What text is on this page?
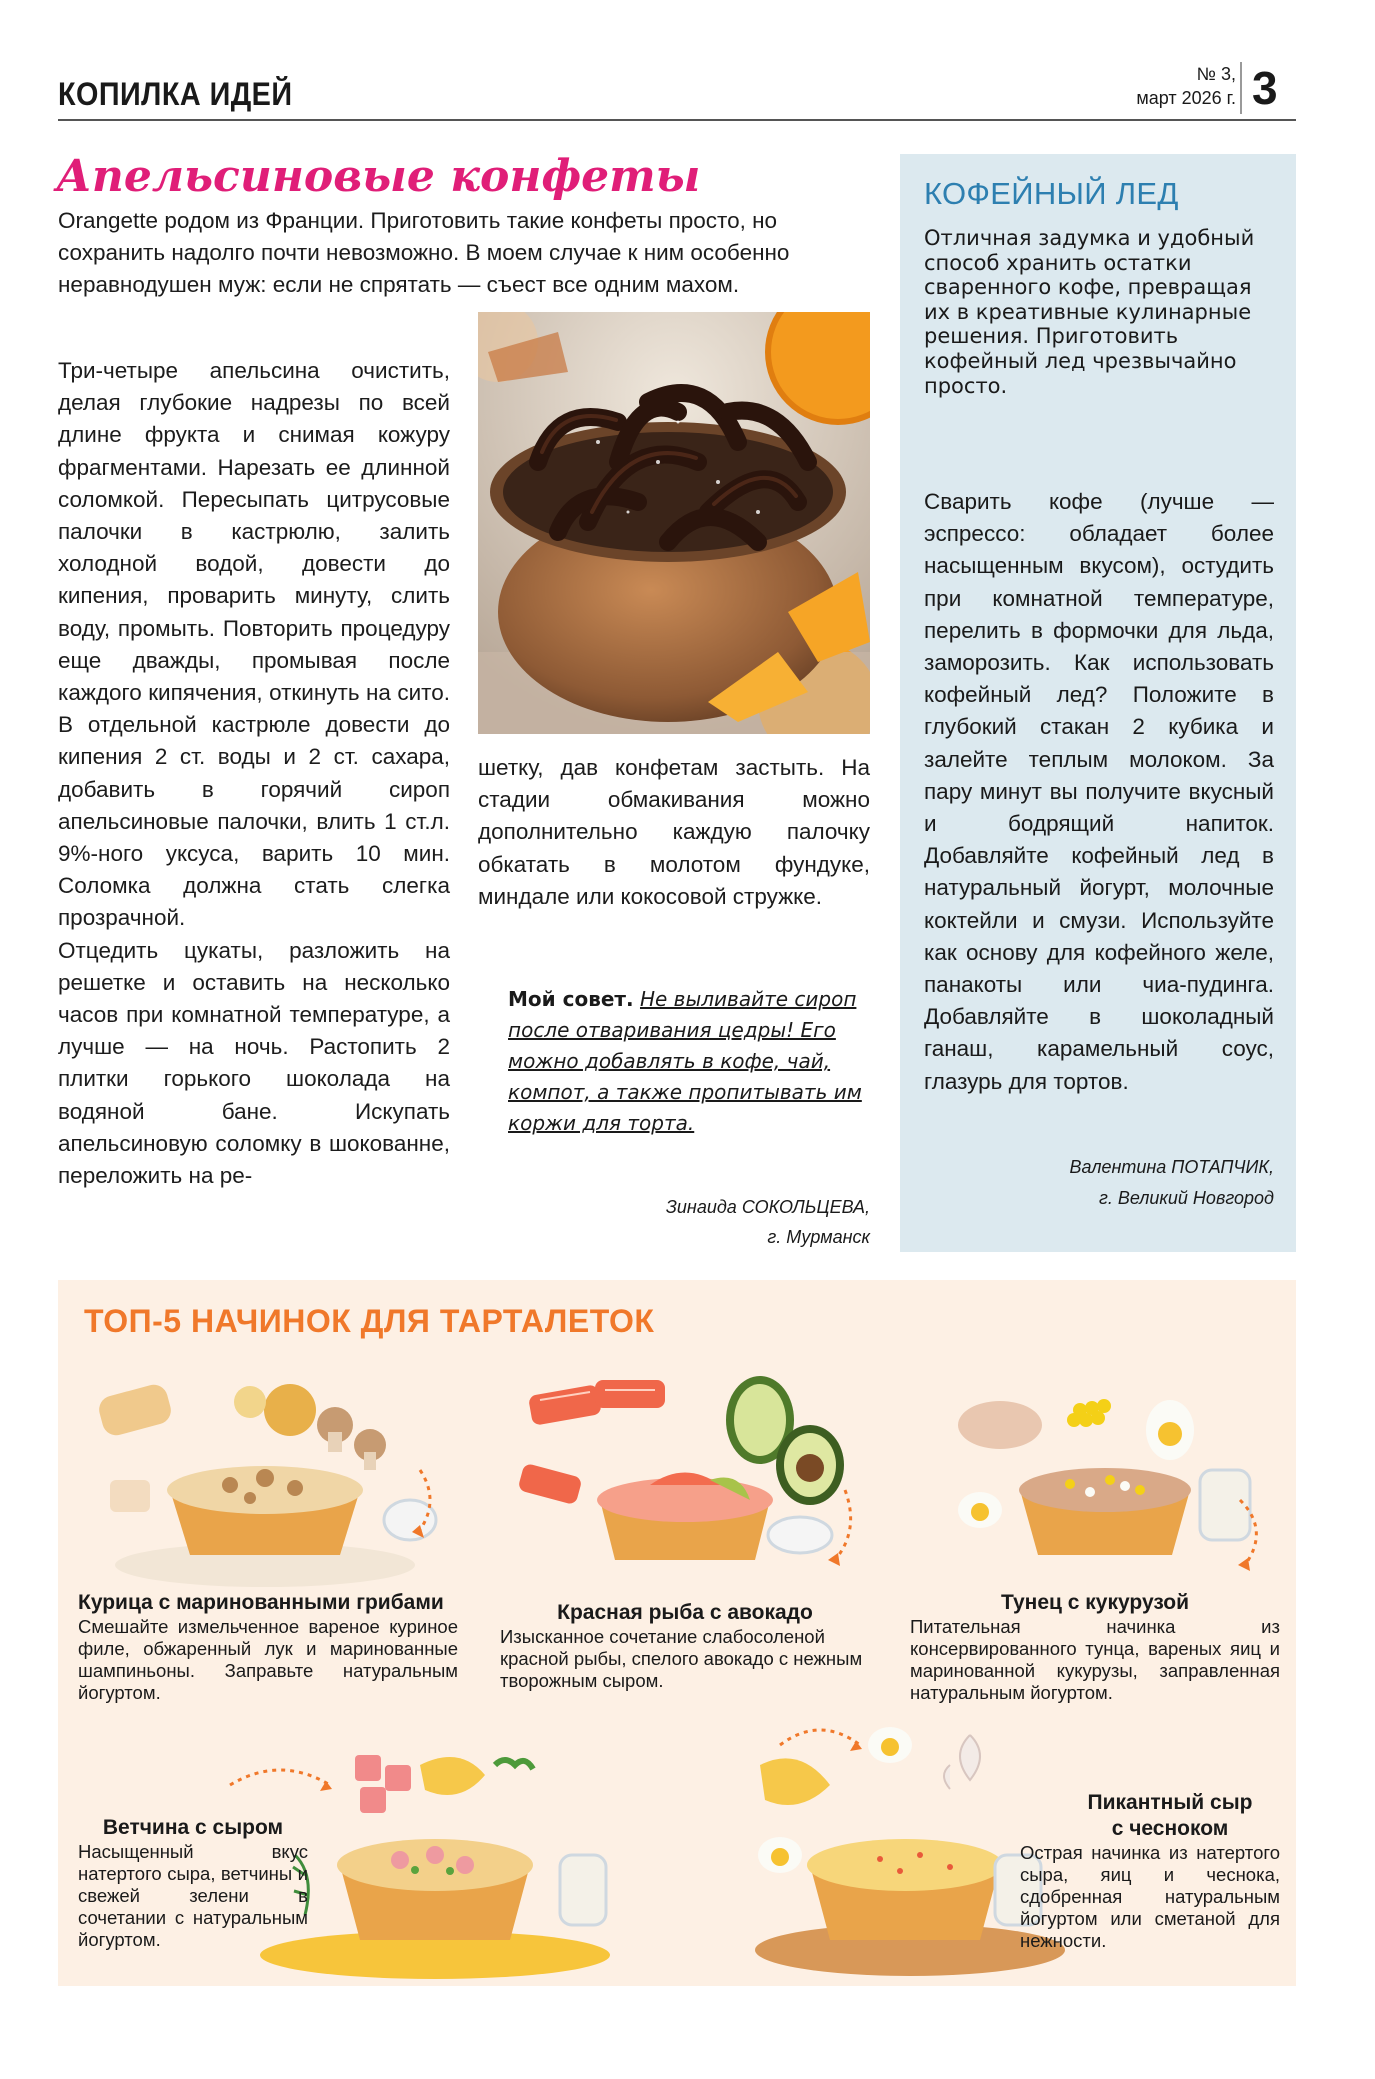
КОПИЛКА ИДЕЙ
№ 3,
март 2026 г. 3
Апельсиновые конфеты

Orangette родом из Франции. Приготовить такие конфеты просто, но сохранить надолго почти невозможно. В моем случае к ним особенно неравнодушен муж: если не спрятать — съест все одним махом.

Три-четыре апельсина очистить, делая глубокие надрезы по всей длине фрукта и снимая кожуру фрагментами. Нарезать ее длинной соломкой. Пересыпать цитрусовые палочки в кастрюлю, залить холодной водой, довести до кипения, проварить минуту, слить воду, промыть. Повторить процедуру еще дважды, промывая после каждого кипячения, откинуть на сито. В отдельной кастрюле довести до кипения 2 ст. воды и 2 ст. сахара, добавить в горячий сироп апельсиновые палочки, влить 1 ст.л. 9%-ного уксуса, варить 10 мин. Соломка должна стать слегка прозрачной.

Отцедить цукаты, разложить на решетке и оставить на несколько часов при комнатной температуре, а лучше — на ночь. Растопить 2 плитки горького шоколада на водяной бане. Искупать апельсиновую соломку в шокованне, переложить на ре-

шетку, дав конфетам застыть. На стадии обмакивания можно дополнительно каждую палочку обкатать в молотом фундуке, миндале или кокосовой стружке.

Мой совет. Не выливайте сироп после отваривания цедры! Его можно добавлять в кофе, чай, компот, а также пропитывать им коржи для торта.
Зинаида СОКОЛЬЦЕВА,
г. Мурманск
КОФЕЙНЫЙ ЛЕД

Отличная задумка и удобный способ хранить остатки сваренного кофе, превращая их в креативные кулинарные решения. Приготовить кофейный лед чрезвычайно просто.

Сварить кофе (лучше — эспрессо: обладает более насыщенным вкусом), остудить при комнатной температуре, перелить в формочки для льда, заморозить. Как использовать кофейный лед? Положите в глубокий стакан 2 кубика и залейте теплым молоком. За пару минут вы получите вкусный и бодрящий напиток. Добавляйте кофейный лед в натуральный йогурт, молочные коктейли и смузи. Используйте как основу для кофейного желе, панакоты или чиа-пудинга. Добавляйте в шоколадный ганаш, карамельный соус, глазурь для тортов.

Валентина ПОТАПЧИК,
г. Великий Новгород
ТОП-5 НАЧИНОК ДЛЯ ТАРТАЛЕТОК
Курица с маринованными грибами
Смешайте измельченное вареное куриное филе, обжаренный лук и маринованные шампиньоны. Заправьте натуральным йогуртом.
Красная рыба с авокадо
Изысканное сочетание слабосоленой красной рыбы, спелого авокадо с нежным творожным сыром.
Тунец с кукурузой
Питательная начинка из консервированного тунца, вареных яиц и маринованной кукурузы, заправленная натуральным йогуртом.
Ветчина с сыром
Насыщенный вкус натертого сыра, ветчины и свежей зелени в сочетании с натуральным йогуртом.
Пикантный сыр
с чесноком
Острая начинка из натертого сыра, яиц и чеснока, сдобренная натуральным йогуртом или сметаной для нежности.
